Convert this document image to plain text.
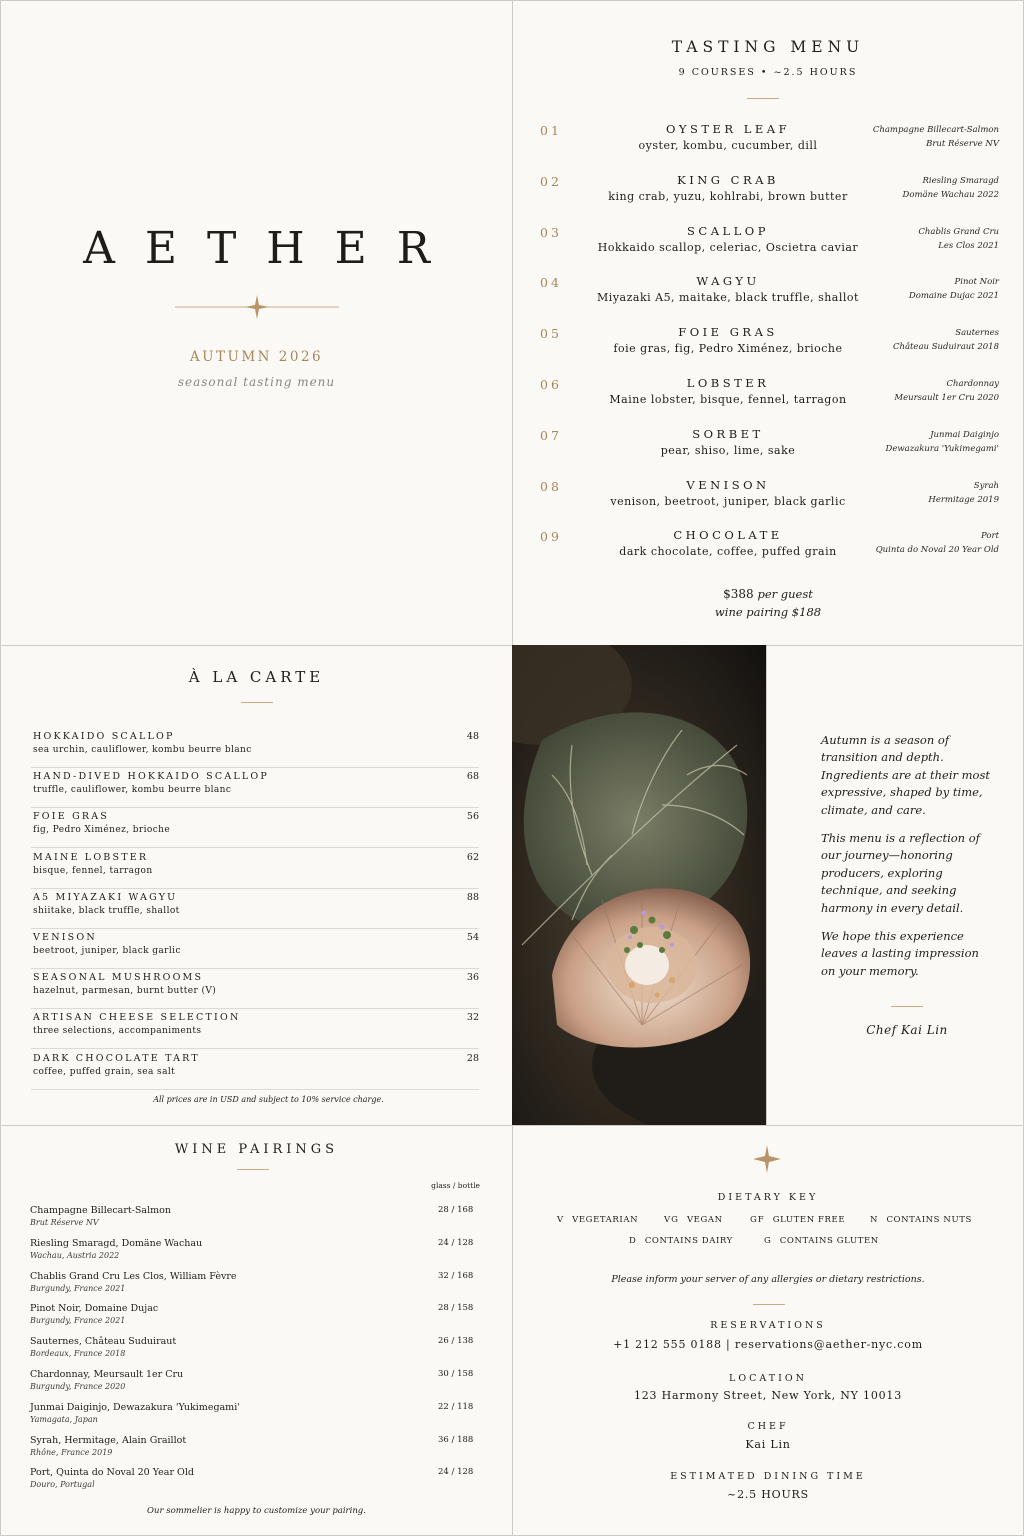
AETHER
AUTUMN 2026
seasonal tasting menu
TASTING MENU
9 COURSES • ~2.5 HOURS
01	OYSTER LEAF
oyster, kombu, cucumber, dill
Champagne Billecart-Salmon
Brut Réserve NV
02	KING CRAB
king crab, yuzu, kohlrabi, brown butter
Riesling Smaragd
Domäne Wachau 2022
03	SCALLOP
Hokkaido scallop, celeriac, Oscietra caviar
Chablis Grand Cru
Les Clos 2021
04	WAGYU
Miyazaki A5, maitake, black truffle, shallot
Pinot Noir
Domaine Dujac 2021
05	FOIE GRAS
foie gras, fig, Pedro Ximénez, brioche
Sauternes
Château Suduiraut 2018
06	LOBSTER
Maine lobster, bisque, fennel, tarragon
Chardonnay
Meursault 1er Cru 2020
07	SORBET
pear, shiso, lime, sake
Junmai Daiginjo
Dewazakura 'Yukimegami'
08	VENISON
venison, beetroot, juniper, black garlic
Syrah
Hermitage 2019
09	CHOCOLATE
dark chocolate, coffee, puffed grain
Port
Quinta do Noval 20 Year Old
$388 per guest
wine pairing $188
À LA CARTE
HOKKAIDO SCALLOP
sea urchin, cauliflower, kombu beurre blanc
48
HAND-DIVED HOKKAIDO SCALLOP
truffle, cauliflower, kombu beurre blanc
68
FOIE GRAS
fig, Pedro Ximénez, brioche
56
MAINE LOBSTER
bisque, fennel, tarragon
62
A5 MIYAZAKI WAGYU
shiitake, black truffle, shallot
88
VENISON
beetroot, juniper, black garlic
54
SEASONAL MUSHROOMS
hazelnut, parmesan, burnt butter (V)
36
ARTISAN CHEESE SELECTION
three selections, accompaniments
32
DARK CHOCOLATE TART
coffee, puffed grain, sea salt
28
All prices are in USD and subject to 10% service charge.

Autumn is a season of transition and depth. Ingredients are at their most expressive, shaped by time, climate, and care.

This menu is a reflection of our journey—honoring producers, exploring technique, and seeking harmony in every detail.

We hope this experience leaves a lasting impression on your memory.

Chef Kai Lin
WINE PAIRINGS
glass / bottle
Champagne Billecart-Salmon
Brut Réserve NV
28 / 168
Riesling Smaragd, Domäne Wachau
Wachau, Austria 2022
24 / 128
Chablis Grand Cru Les Clos, William Fèvre
Burgundy, France 2021
32 / 168
Pinot Noir, Domaine Dujac
Burgundy, France 2021
28 / 158
Sauternes, Château Suduiraut
Bordeaux, France 2018
26 / 138
Chardonnay, Meursault 1er Cru
Burgundy, France 2020
30 / 158
Junmai Daiginjo, Dewazakura 'Yukimegami'
Yamagata, Japan
22 / 118
Syrah, Hermitage, Alain Graillot
Rhône, France 2019
36 / 188
Port, Quinta do Noval 20 Year Old
Douro, Portugal
24 / 128
Our sommelier is happy to customize your pairing.
DIETARY KEY
V VEGETARIAN	VG VEGAN	GF GLUTEN FREE	N CONTAINS NUTS
D CONTAINS DAIRY	G CONTAINS GLUTEN
Please inform your server of any allergies or dietary restrictions.
RESERVATIONS
+1 212 555 0188 | reservations@aether-nyc.com
LOCATION
123 Harmony Street, New York, NY 10013
CHEF
Kai Lin
ESTIMATED DINING TIME
~2.5 HOURS
